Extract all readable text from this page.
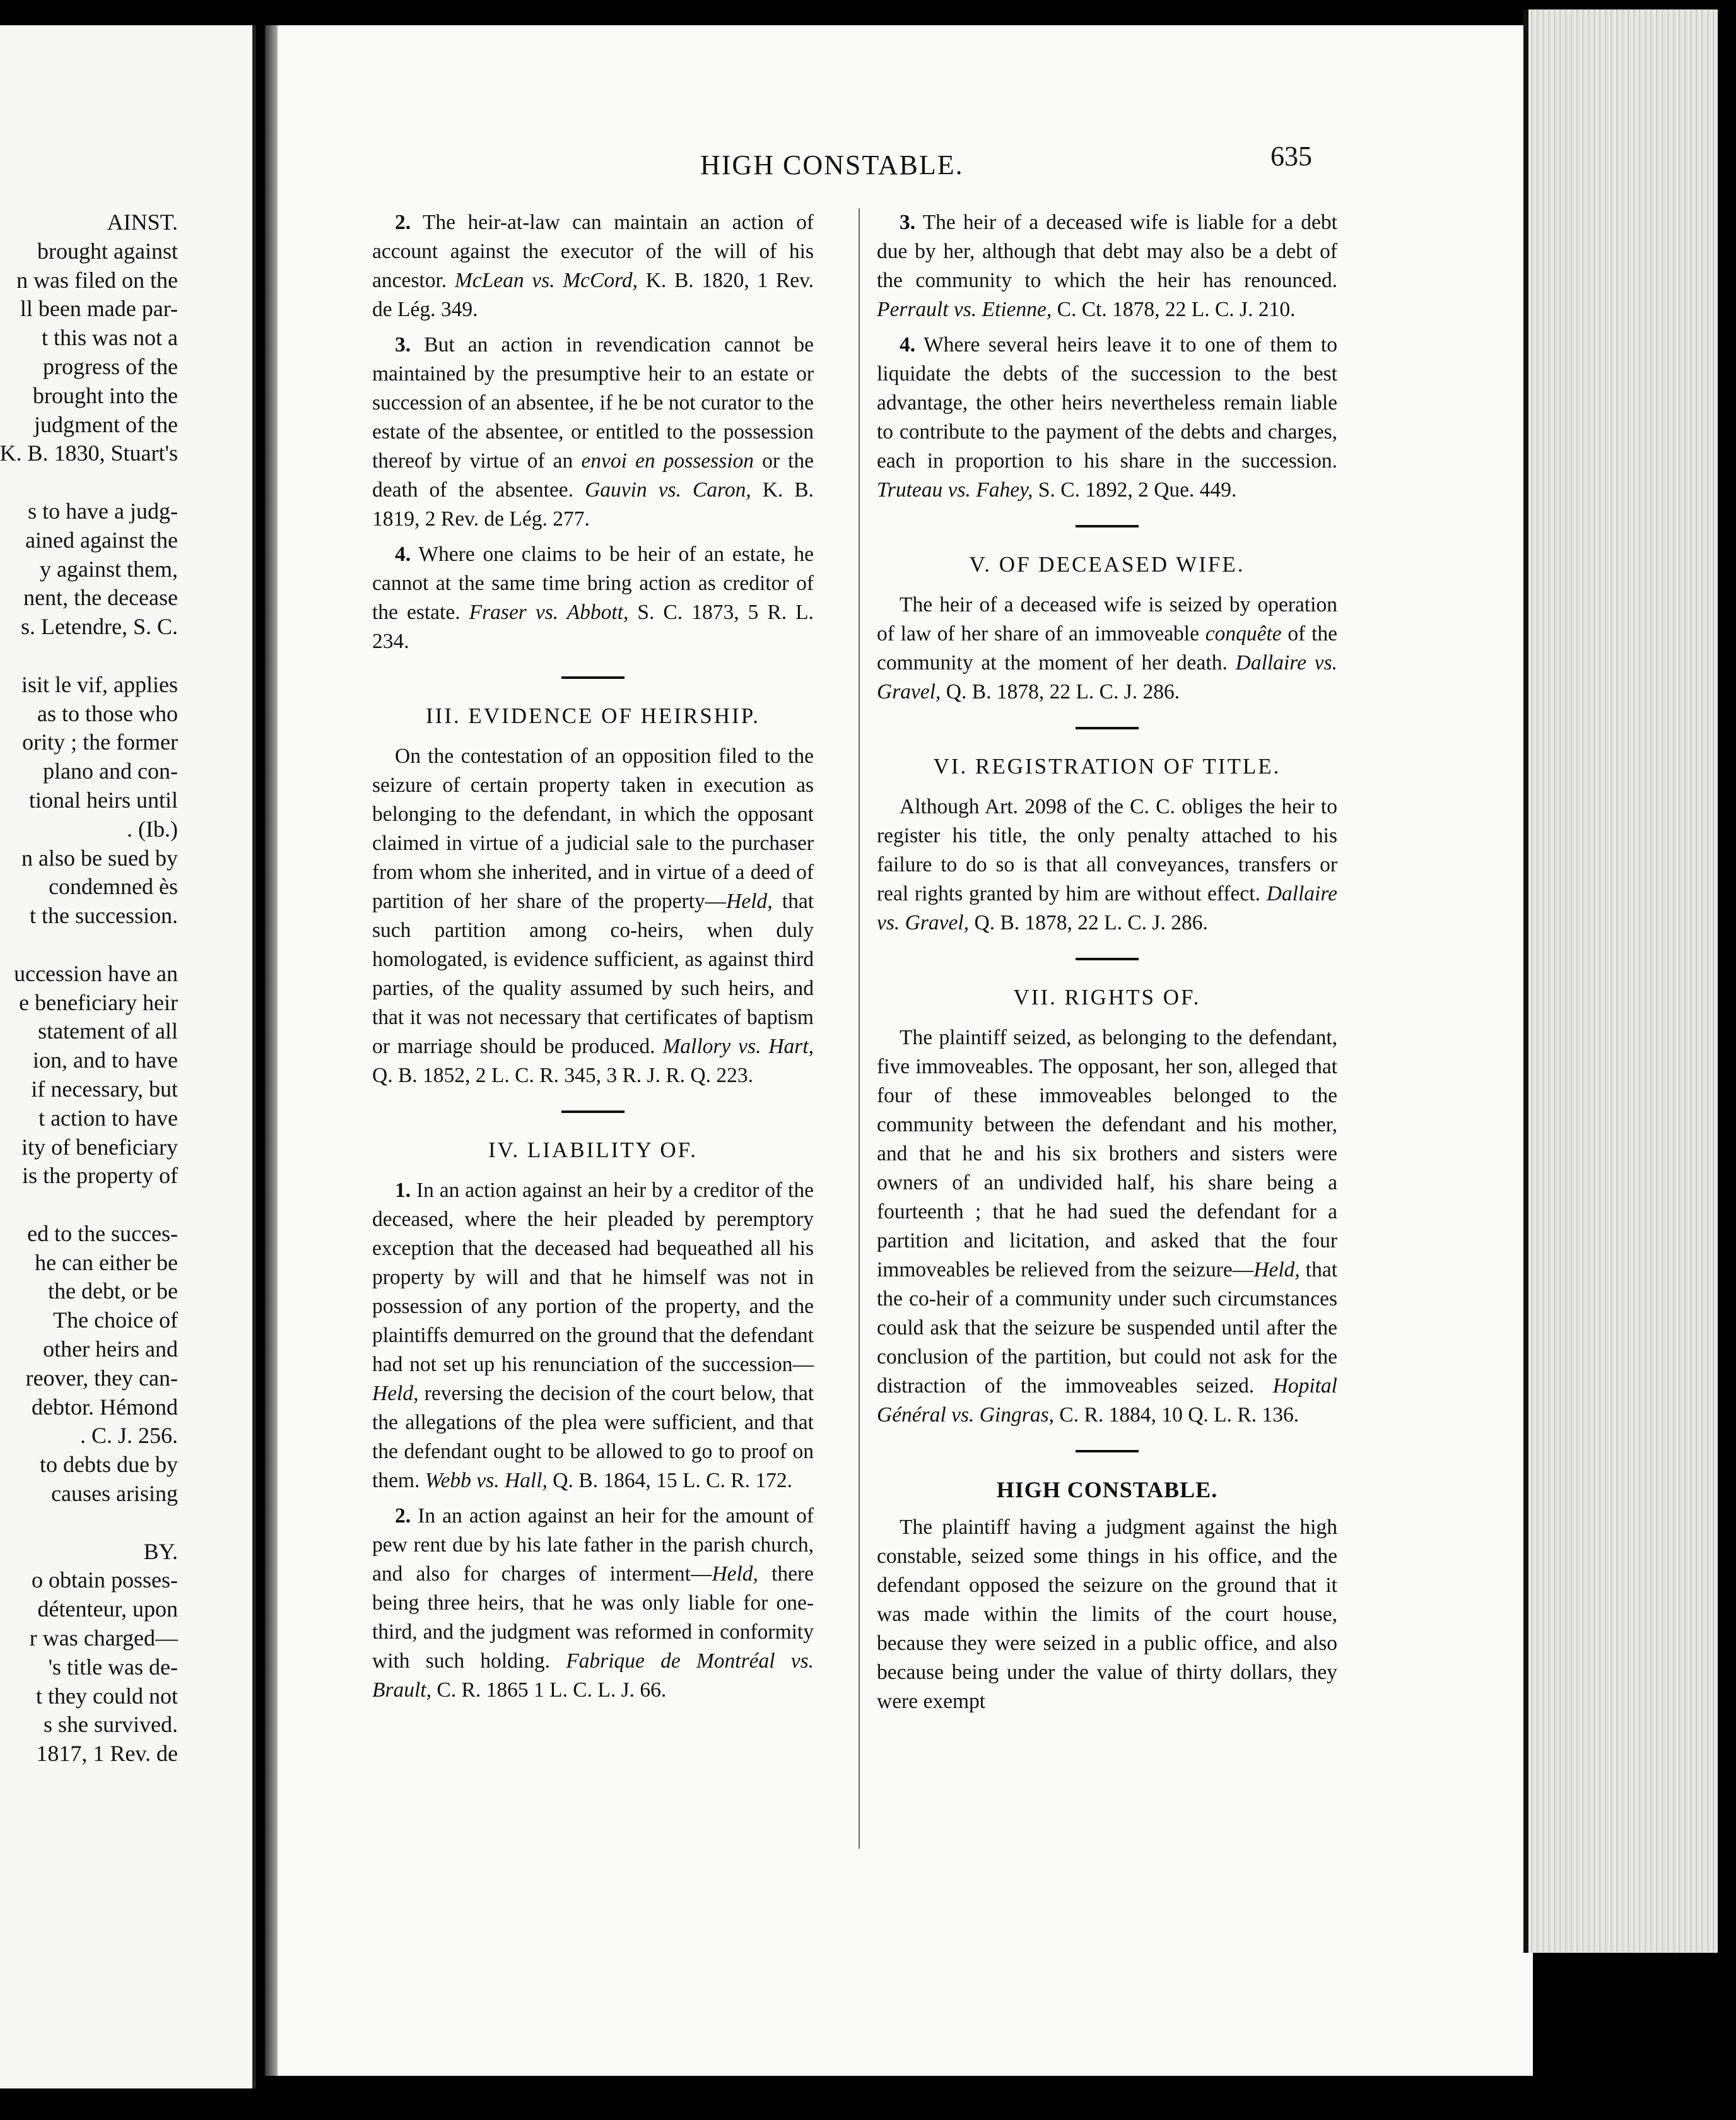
AINST.
brought against
n was filed on the
ll been made par-
t this was not a
progress of the
brought into the
judgment of the
K. B. 1830, Stuart's

s to have a judg-
ained against the
y against them,
nent, the decease
s. Letendre, S. C.

isit le vif, applies
as to those who
ority ; the former
plano and con-
tional heirs until
. (Ib.)
n also be sued by
condemned ès
t the succession.

uccession have an
e beneficiary heir
statement of all
ion, and to have
if necessary, but
t action to have
ity of beneficiary
is the property of

ed to the succes-
he can either be
the debt, or be
The choice of
other heirs and
reover, they can-
debtor. Hémond
. C. J. 256.
to debts due by
causes arising

BY.
o obtain posses-
détenteur, upon
r was charged—
's title was de-
t they could not
s she survived.
1817, 1 Rev. de
HIGH CONSTABLE.	635

2. The heir-at-law can maintain an action of account against the executor of the will of his ancestor. McLean vs. McCord, K. B. 1820, 1 Rev. de Lég. 349.

3. But an action in revendication cannot be maintained by the presumptive heir to an estate or succession of an absentee, if he be not curator to the estate of the absentee, or entitled to the possession thereof by virtue of an envoi en possession or the death of the absentee. Gauvin vs. Caron, K. B. 1819, 2 Rev. de Lég. 277.

4. Where one claims to be heir of an estate, he cannot at the same time bring action as creditor of the estate. Fraser vs. Abbott, S. C. 1873, 5 R. L. 234.

III. EVIDENCE OF HEIRSHIP.

On the contestation of an opposition filed to the seizure of certain property taken in execution as belonging to the defendant, in which the opposant claimed in virtue of a judicial sale to the purchaser from whom she inherited, and in virtue of a deed of partition of her share of the property—Held, that such partition among co-heirs, when duly homologated, is evidence sufficient, as against third parties, of the quality assumed by such heirs, and that it was not necessary that certificates of baptism or marriage should be produced. Mallory vs. Hart, Q. B. 1852, 2 L. C. R. 345, 3 R. J. R. Q. 223.

IV. LIABILITY OF.

1. In an action against an heir by a creditor of the deceased, where the heir pleaded by peremptory exception that the deceased had bequeathed all his property by will and that he himself was not in possession of any portion of the property, and the plaintiffs demurred on the ground that the defendant had not set up his renunciation of the succession—Held, reversing the decision of the court below, that the allegations of the plea were sufficient, and that the defendant ought to be allowed to go to proof on them. Webb vs. Hall, Q. B. 1864, 15 L. C. R. 172.

2. In an action against an heir for the amount of pew rent due by his late father in the parish church, and also for charges of interment—Held, there being three heirs, that he was only liable for one-third, and the judgment was reformed in conformity with such holding. Fabrique de Montréal vs. Brault, C. R. 1865 1 L. C. L. J. 66.

3. The heir of a deceased wife is liable for a debt due by her, although that debt may also be a debt of the community to which the heir has renounced. Perrault vs. Etienne, C. Ct. 1878, 22 L. C. J. 210.

4. Where several heirs leave it to one of them to liquidate the debts of the succession to the best advantage, the other heirs nevertheless remain liable to contribute to the payment of the debts and charges, each in proportion to his share in the succession. Truteau vs. Fahey, S. C. 1892, 2 Que. 449.

V. OF DECEASED WIFE.

The heir of a deceased wife is seized by operation of law of her share of an immoveable conquête of the community at the moment of her death. Dallaire vs. Gravel, Q. B. 1878, 22 L. C. J. 286.

VI. REGISTRATION OF TITLE.

Although Art. 2098 of the C. C. obliges the heir to register his title, the only penalty attached to his failure to do so is that all conveyances, transfers or real rights granted by him are without effect. Dallaire vs. Gravel, Q. B. 1878, 22 L. C. J. 286.

VII. RIGHTS OF.

The plaintiff seized, as belonging to the defendant, five immoveables. The opposant, her son, alleged that four of these immoveables belonged to the community between the defendant and his mother, and that he and his six brothers and sisters were owners of an undivided half, his share being a fourteenth ; that he had sued the defendant for a partition and licitation, and asked that the four immoveables be relieved from the seizure—Held, that the co-heir of a community under such circumstances could ask that the seizure be suspended until after the conclusion of the partition, but could not ask for the distraction of the immoveables seized. Hopital Général vs. Gingras, C. R. 1884, 10 Q. L. R. 136.

HIGH CONSTABLE.

The plaintiff having a judgment against the high constable, seized some things in his office, and the defendant opposed the seizure on the ground that it was made within the limits of the court house, because they were seized in a public office, and also because being under the value of thirty dollars, they were exempt
